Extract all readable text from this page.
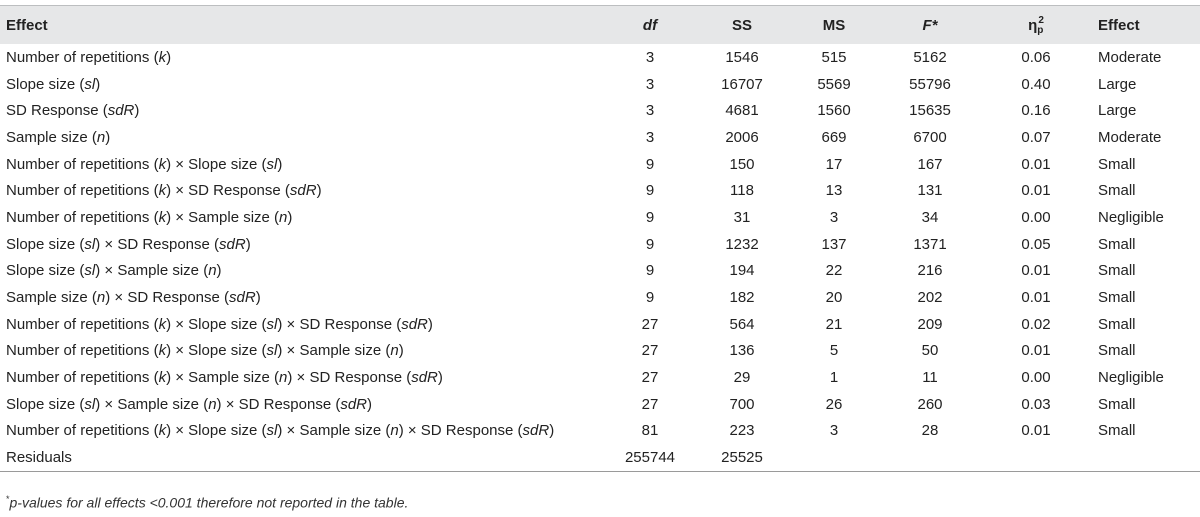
Effect	df	SS	MS	F*	$\eta_p^2$	Effect
Number of repetitions (k)	3	1546	515	5162	0.06	Moderate
Slope size (sl)	3	16707	5569	55796	0.40	Large
SD Response (sdR)	3	4681	1560	15635	0.16	Large
Sample size (n)	3	2006	669	6700	0.07	Moderate
Number of repetitions (k) × Slope size (sl)	9	150	17	167	0.01	Small
Number of repetitions (k) × SD Response (sdR)	9	118	13	131	0.01	Small
Number of repetitions (k) × Sample size (n)	9	31	3	34	0.00	Negligible
Slope size (sl) × SD Response (sdR)	9	1232	137	1371	0.05	Small
Slope size (sl) × Sample size (n)	9	194	22	216	0.01	Small
Sample size (n) × SD Response (sdR)	9	182	20	202	0.01	Small
Number of repetitions (k) × Slope size (sl) × SD Response (sdR)	27	564	21	209	0.02	Small
Number of repetitions (k) × Slope size (sl) × Sample size (n)	27	136	5	50	0.01	Small
Number of repetitions (k) × Sample size (n) × SD Response (sdR)	27	29	1	11	0.00	Negligible
Slope size (sl) × Sample size (n) × SD Response (sdR)	27	700	26	260	0.03	Small
Number of repetitions (k) × Slope size (sl) × Sample size (n) × SD Response (sdR)	81	223	3	28	0.01	Small
Residuals	255744	25525				
*p-values for all effects <0.001 therefore not reported in the table.
